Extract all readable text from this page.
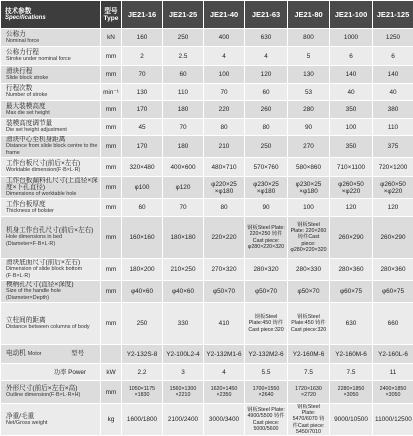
技术参数
Specifications	型号
Type	JE21-16	JE21-25	JE21-40	JE21-63	JE21-80	JE21-100	JE21-125

公称力
Nominal force	kN	160	250	400	630	800	1000	1250

公称力行程
Stroke under nominal force	mm	2	2.5	4	4	5	6	6

滑块行程
Slide block stroke	mm	70	60	100	120	130	140	140

行程次数
Number of stroke	min⁻¹	130	110	70	60	53	40	40

最大装模高度
Max die set height	mm	170	180	220	260	280	350	380

装模高度调节量
Die set height adjustment	mm	45	70	80	80	90	100	110

滑块中心至机身距离
Distance from slide block centre to the frame	mm	170	180	210	250	270	350	375

工作台板尺寸(前后×左右)
Worktable dimension(F·B×L·R)	mm	320×480	400×600	480×710	570×760	580×860	710×1100	720×1200

工作台板漏料孔尺寸(上直径×深度×下孔直径)
Dimensions of worktable hole	mm	φ100	φ120	φ220×25 ×φ180	φ230×25 ×φ180	φ230×25 ×φ180	φ260×50 ×φ220	φ260×50 ×φ220

工作台板厚度
Thickness of bolster	mm	60	70	80	90	100	120	120

机身工作台孔尺寸(前后×左右)
Hole dimensions in bed (Diameter×F·B×L·R)	mm	160×160	180×180	220×220	钢板Steel Plate: 220×250 铸件Cast piece: φ280×220×320	钢板Steel Plate: 220×260 铸件Cast piece: φ280×220×320	260×290	260×290

滑块底面尺寸(前后×左右)
Dimension of slide block bottom (F·B×L·R)	mm	180×200	210×250	270×320	280×320	280×330	280×360	280×360

模柄孔尺寸(直径×深度)
Size of the handle hole (Diameter×Depth)	mm	φ40×60	φ40×60	φ50×70	φ50×70	φ50×70	φ60×75	φ60×75

立柱间的距离
Distance between columns of body	mm	250	330	410	钢板Steel Plate:450 铸件Cast piece:320	钢板Steel Plate:450 铸件Cast piece:320	630	660

型号
电动机 Motor		Y2-132S-8	Y2-100L2-4	Y2-132M1-6	Y2-132M2-6	Y2-160M-6	Y2-160M-6	Y2-160L-6
功率 Power	kW	2.2	3	4	5.5	7.5	7.5	11

外形尺寸(前后×左右×高)
Outline dimension(F·B×L·R×H)	mm	1050×1175 ×1830	1560×1300 ×2210	1620×1450 ×2350	1700×1550 ×2640	1720×1630 ×2720	2280×1850 ×3050	2400×1850 ×3050

净重/毛重
Net/Gross weight	kg	1600/1800	2100/2400	3000/3400	钢板Steel Plate: 4900/5500 铸件Cast piece: 5000/5600	钢板Steel Plate: 5470/6070 铸件Cast piece: 5450/7010	9000/10500	11000/12500
